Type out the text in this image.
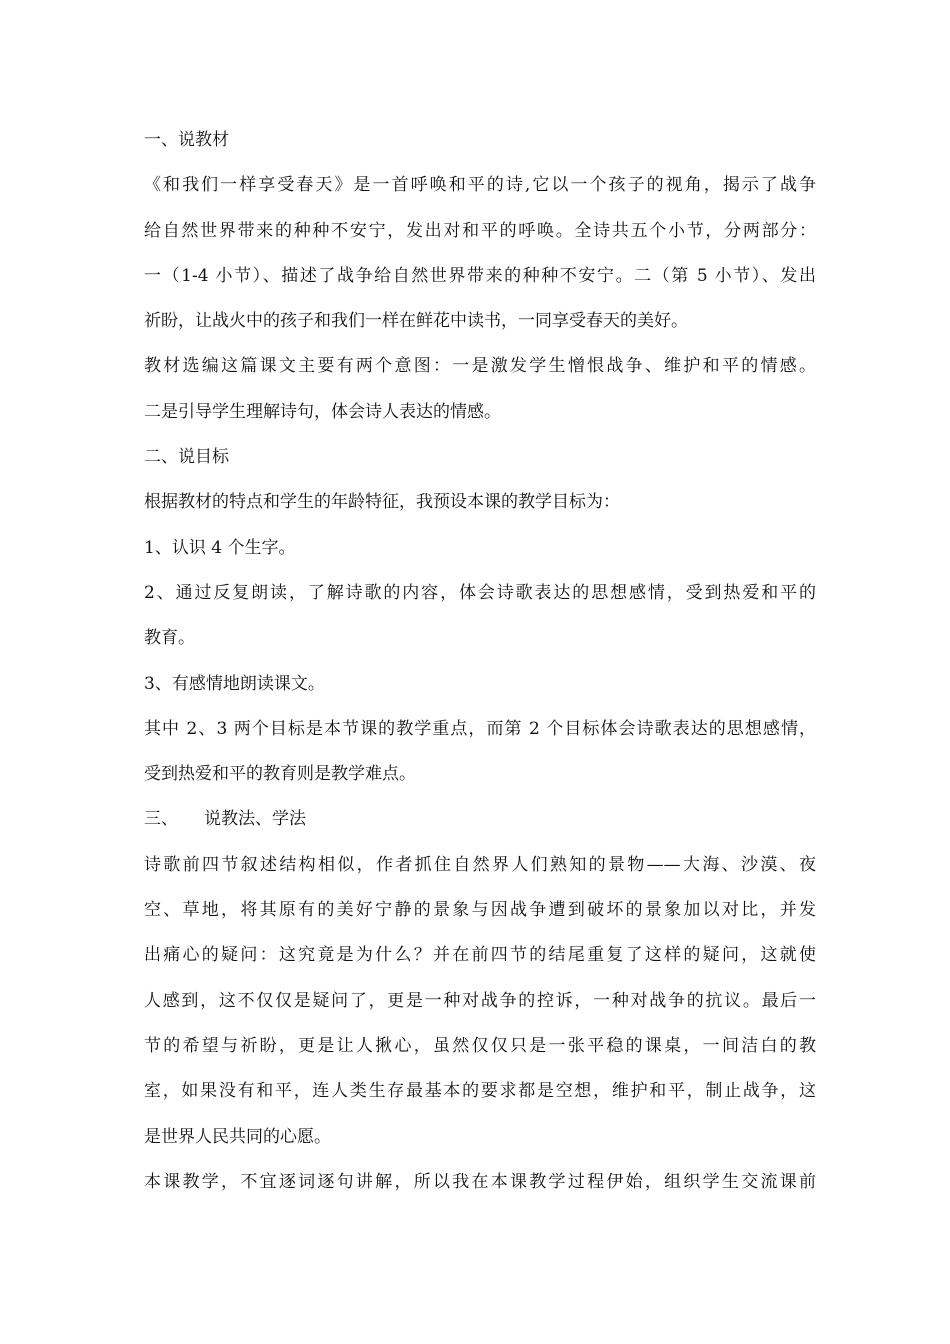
一、说教材
《和我们一样享受春天》是一首呼唤和平的诗,它以一个孩子的视角，揭示了战争
给自然世界带来的种种不安宁，发出对和平的呼唤。全诗共五个小节，分两部分：
一（1-4 小节）、描述了战争给自然世界带来的种种不安宁。二（第 5 小节）、发出
祈盼，让战火中的孩子和我们一样在鲜花中读书，一同享受春天的美好。
教材选编这篇课文主要有两个意图：一是激发学生憎恨战争、维护和平的情感。
二是引导学生理解诗句，体会诗人表达的情感。
二、说目标
根据教材的特点和学生的年龄特征，我预设本课的教学目标为：
1、认识 4 个生字。
2、通过反复朗读，了解诗歌的内容，体会诗歌表达的思想感情，受到热爱和平的
教育。
3、有感情地朗读课文。
其中 2、3 两个目标是本节课的教学重点，而第 2 个目标体会诗歌表达的思想感情，
受到热爱和平的教育则是教学难点。
三、 说教法、学法
诗歌前四节叙述结构相似，作者抓住自然界人们熟知的景物——大海、沙漠、夜
空、草地，将其原有的美好宁静的景象与因战争遭到破坏的景象加以对比，并发
出痛心的疑问：这究竟是为什么？并在前四节的结尾重复了这样的疑问，这就使
人感到，这不仅仅是疑问了，更是一种对战争的控诉，一种对战争的抗议。最后一
节的希望与祈盼，更是让人揪心，虽然仅仅只是一张平稳的课桌，一间洁白的教
室，如果没有和平，连人类生存最基本的要求都是空想，维护和平，制止战争，这
是世界人民共同的心愿。
本课教学，不宜逐词逐句讲解，所以我在本课教学过程伊始，组织学生交流课前
